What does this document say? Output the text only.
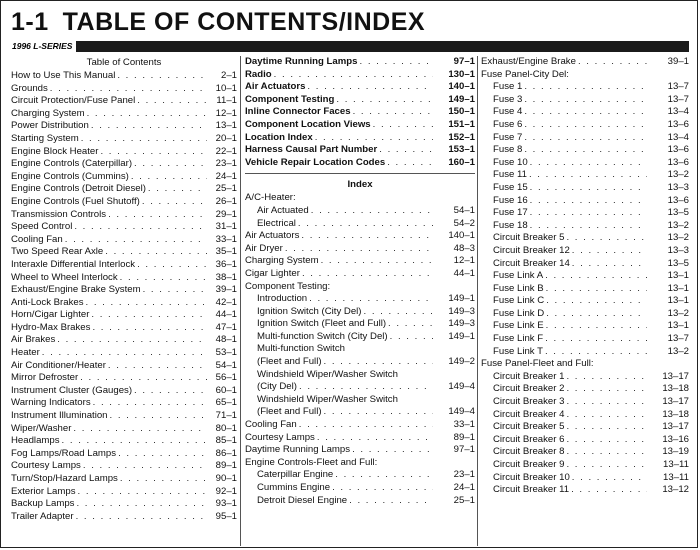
1-1 TABLE OF CONTENTS/INDEX
1996 L-SERIES
Table of Contents
How to Use This Manual . . .	2–1
Grounds . . .	10–1
Circuit Protection/Fuse Panel . . .	11–1
Charging System . . .	12–1
Power Distribution . . .	13–1
Starting System . . .	20–1
Engine Block Heater . . .	22–1
Engine Controls (Caterpillar) . . .	23–1
Engine Controls (Cummins) . . .	24–1
Engine Controls (Detroit Diesel) . . .	25–1
Engine Controls (Fuel Shutoff) . . .	26–1
Transmission Controls . . .	29–1
Speed Control . . .	31–1
Cooling Fan . . .	33–1
Two Speed Rear Axle . . .	35–1
Interaxle Differential Interlock . . .	36–1
Wheel to Wheel Interlock . . .	38–1
Exhaust/Engine Brake System . . .	39–1
Anti-Lock Brakes . . .	42–1
Horn/Cigar Lighter . . .	44–1
Hydro-Max Brakes . . .	47–1
Air Brakes . . .	48–1
Heater . . .	53–1
Air Conditioner/Heater . . .	54–1
Mirror Defroster . . .	56–1
Instrument Cluster (Gauges) . . .	60–1
Warning Indicators . . .	65–1
Instrument Illumination . . .	71–1
Wiper/Washer . . .	80–1
Headlamps . . .	85–1
Fog Lamps/Road Lamps . . .	86–1
Courtesy Lamps . . .	89–1
Turn/Stop/Hazard Lamps . . .	90–1
Exterior Lamps . . .	92–1
Backup Lamps . . .	93–1
Trailer Adapter . . .	95–1
Daytime Running Lamps . . .	97–1
Radio . . .	130–1
Air Actuators . . .	140–1
Component Testing . . .	149–1
Inline Connector Faces . . .	150–1
Component Location Views . . .	151–1
Location Index . . .	152–1
Harness Causal Part Number . . .	153–1
Vehicle Repair Location Codes . . .	160–1
Index
A/C-Heater:
Air Actuated . . .	54–1
Electrical . . .	54–2
Air Actuators . . .	140–1
Air Dryer . . .	48–3
Charging System . . .	12–1
Cigar Lighter . . .	44–1
Component Testing:
Introduction . . .	149–1
Ignition Switch (City Del) . . .	149–3
Ignition Switch (Fleet and Full) . . .	149–3
Multi-function Switch (City Del) . . .	149–1
Multi-function Switch
(Fleet and Full) . . .	149–2
Windshield Wiper/Washer Switch
(City Del) . . .	149–4
Windshield Wiper/Washer Switch
(Fleet and Full) . . .	149–4
Cooling Fan . . .	33–1
Courtesy Lamps . . .	89–1
Daytime Running Lamps . . .	97–1
Engine Controls-Fleet and Full:
Caterpillar Engine . . .	23–1
Cummins Engine . . .	24–1
Detroit Diesel Engine . . .	25–1
Exhaust/Engine Brake . . .	39–1
Fuse Panel-City Del:
Fuse 1 . . .	13–7
Fuse 3 . . .	13–7
Fuse 4 . . .	13–4
Fuse 6 . . .	13–6
Fuse 7 . . .	13–4
Fuse 8 . . .	13–6
Fuse 10 . . .	13–6
Fuse 11 . . .	13–2
Fuse 15 . . .	13–3
Fuse 16 . . .	13–6
Fuse 17 . . .	13–5
Fuse 18 . . .	13–2
Circuit Breaker 5 . . .	13–2
Circuit Breaker 12 . . .	13–3
Circuit Breaker 14 . . .	13–5
Fuse Link A . . .	13–1
Fuse Link B . . .	13–1
Fuse Link C . . .	13–1
Fuse Link D . . .	13–2
Fuse Link E . . .	13–1
Fuse Link F . . .	13–7
Fuse Link T . . .	13–2
Fuse Panel-Fleet and Full:
Circuit Breaker 1 . . .	13–17
Circuit Breaker 2 . . .	13–18
Circuit Breaker 3 . . .	13–17
Circuit Breaker 4 . . .	13–18
Circuit Breaker 5 . . .	13–17
Circuit Breaker 6 . . .	13–16
Circuit Breaker 8 . . .	13–19
Circuit Breaker 9 . . .	13–11
Circuit Breaker 10 . . .	13–11
Circuit Breaker 11 . . .	13–12
